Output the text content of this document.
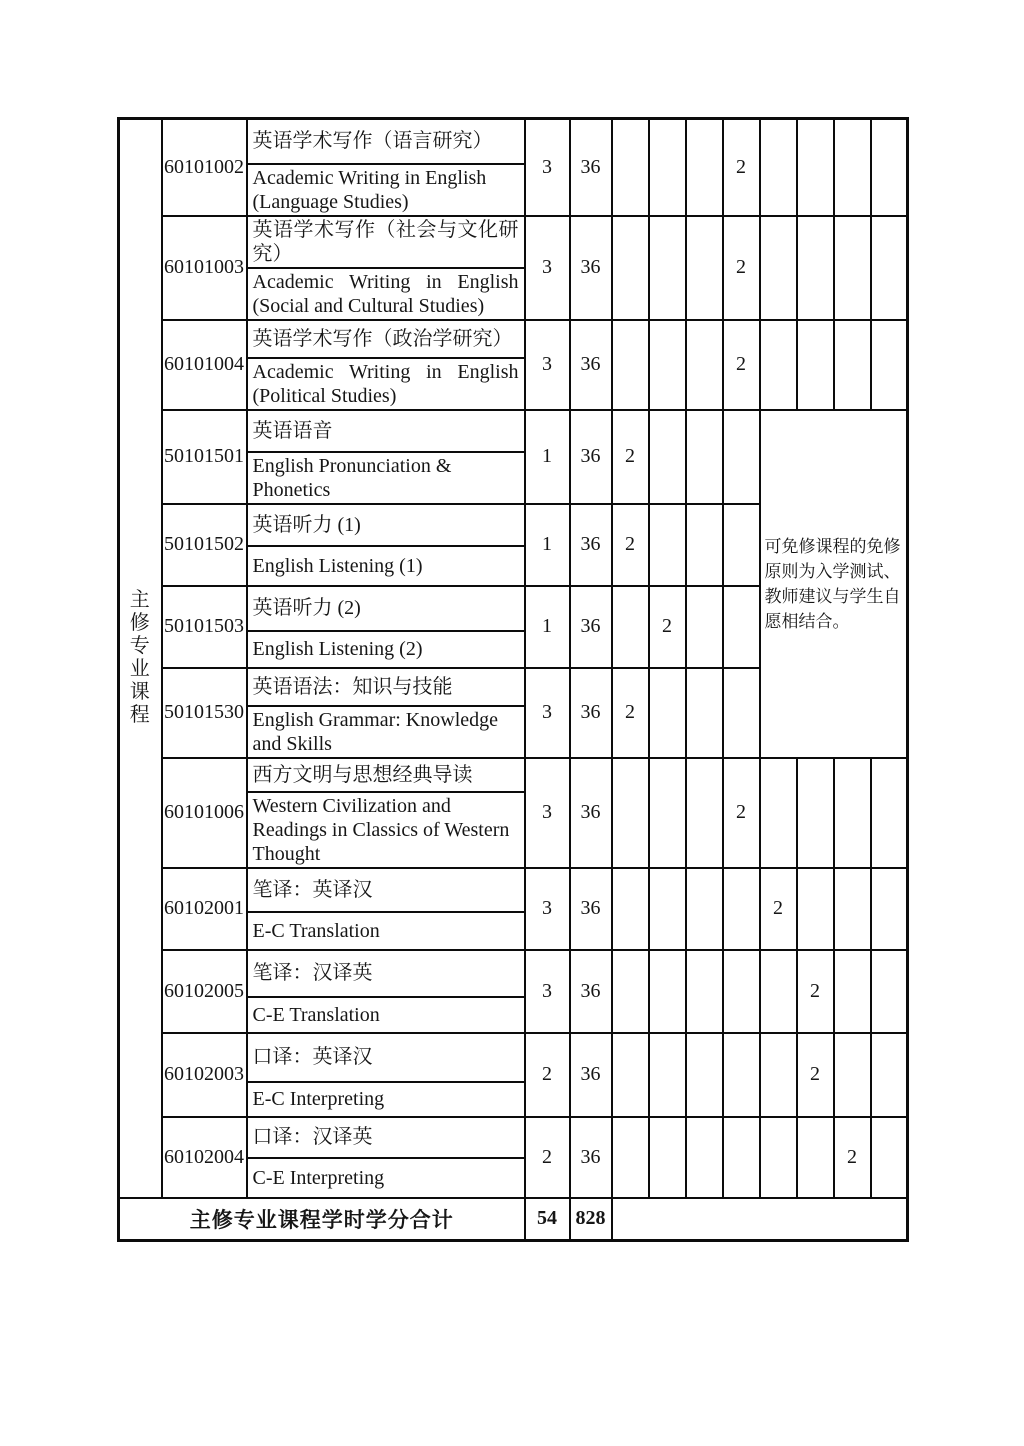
主修专业课程	60101002	英语学术写作（语言研究）	3	36				2				
		Academic Writing in English (Language Studies)										
	60101003	英语学术写作（社会与文化研究）	3	36				2				
		Academic Writing in English (Social and Cultural Studies)										
	60101004	英语学术写作（政治学研究）	3	36				2				
		Academic Writing in English (Political Studies)										
	50101501	英语语音	1	36	2				可免修课程的免修原则为入学测试、教师建议与学生自愿相结合。			
		English Pronunciation & Phonetics										
	50101502	英语听力 (1)	1	36	2							
		English Listening (1)										
	50101503	英语听力 (2)	1	36		2						
		English Listening (2)										
	50101530	英语语法：知识与技能	3	36	2							
		English Grammar: Knowledge and Skills										
	60101006	西方文明与思想经典导读	3	36				2				
		Western Civilization and Readings in Classics of Western Thought										
	60102001	笔译：英译汉	3	36					2			
		E-C Translation										
	60102005	笔译：汉译英	3	36						2		
		C-E Translation										
	60102003	口译：英译汉	2	36						2		
		E-C Interpreting										
	60102004	口译：汉译英	2	36							2	
		C-E Interpreting										
主修专业课程学时学分合计			54	828								
